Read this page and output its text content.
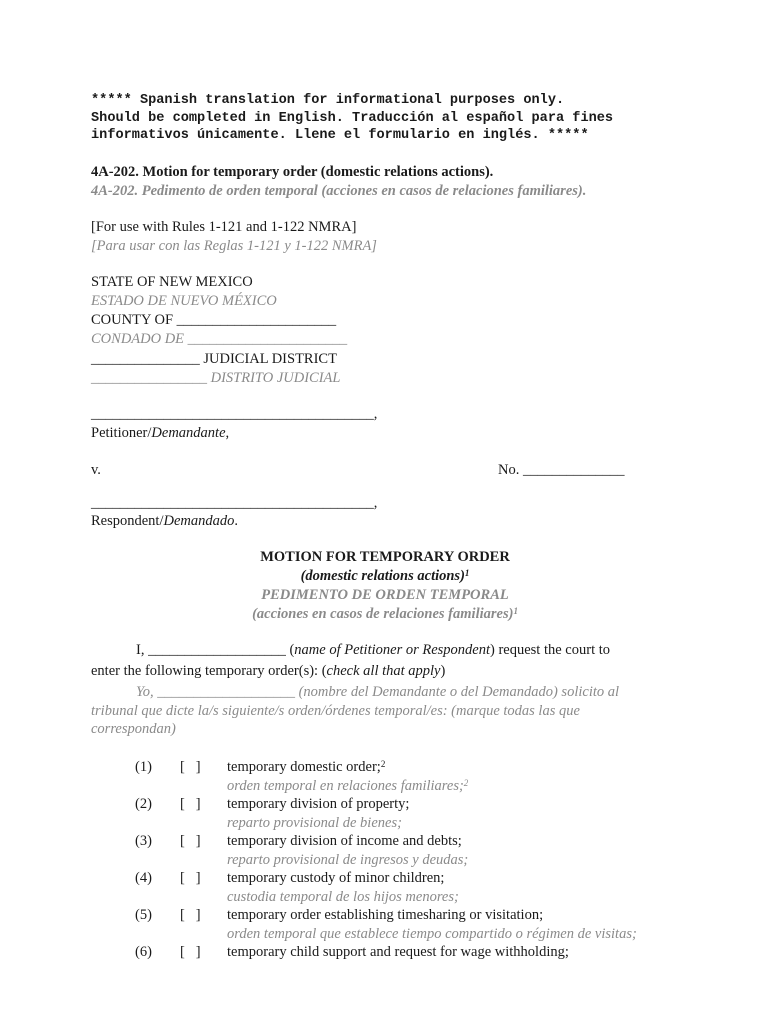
***** Spanish translation for informational purposes only.
Should be completed in English. Traducción al español para fines
informativos únicamente. Llene el formulario en inglés. *****
4A-202. Motion for temporary order (domestic relations actions).
4A-202. Pedimento de orden temporal (acciones en casos de relaciones familiares).
[For use with Rules 1-121 and 1-122 NMRA]
[Para usar con las Reglas 1-121 y 1-122 NMRA]
STATE OF NEW MEXICO
ESTADO DE NUEVO MÉXICO
COUNTY OF ______________________
CONDADO DE ______________________
_______________ JUDICIAL DISTRICT
________________ DISTRITO JUDICIAL
_______________________________________,
Petitioner/Demandante,
v.	No. ______________
_______________________________________,
Respondent/Demandado.
MOTION FOR TEMPORARY ORDER
(domestic relations actions)$^1$
PEDIMENTO DE ORDEN TEMPORAL
(acciones en casos de relaciones familiares)$^1$
I, ___________________ (name of Petitioner or Respondent) request the court to
enter the following temporary order(s): (check all that apply)
Yo, ___________________ (nombre del Demandante o del Demandado) solicito al
tribunal que dicte la/s siguiente/s orden/órdenes temporal/es: (marque todas las que
correspondan)
(1)	[   ]	temporary domestic order;$^2$
orden temporal en relaciones familiares;$^2$
(2)	[   ]	temporary division of property;
reparto provisional de bienes;
(3)	[   ]	temporary division of income and debts;
reparto provisional de ingresos y deudas;
(4)	[   ]	temporary custody of minor children;
custodia temporal de los hijos menores;
(5)	[   ]	temporary order establishing timesharing or visitation;
orden temporal que establece tiempo compartido o régimen de visitas;
(6)	[   ]	temporary child support and request for wage withholding;
